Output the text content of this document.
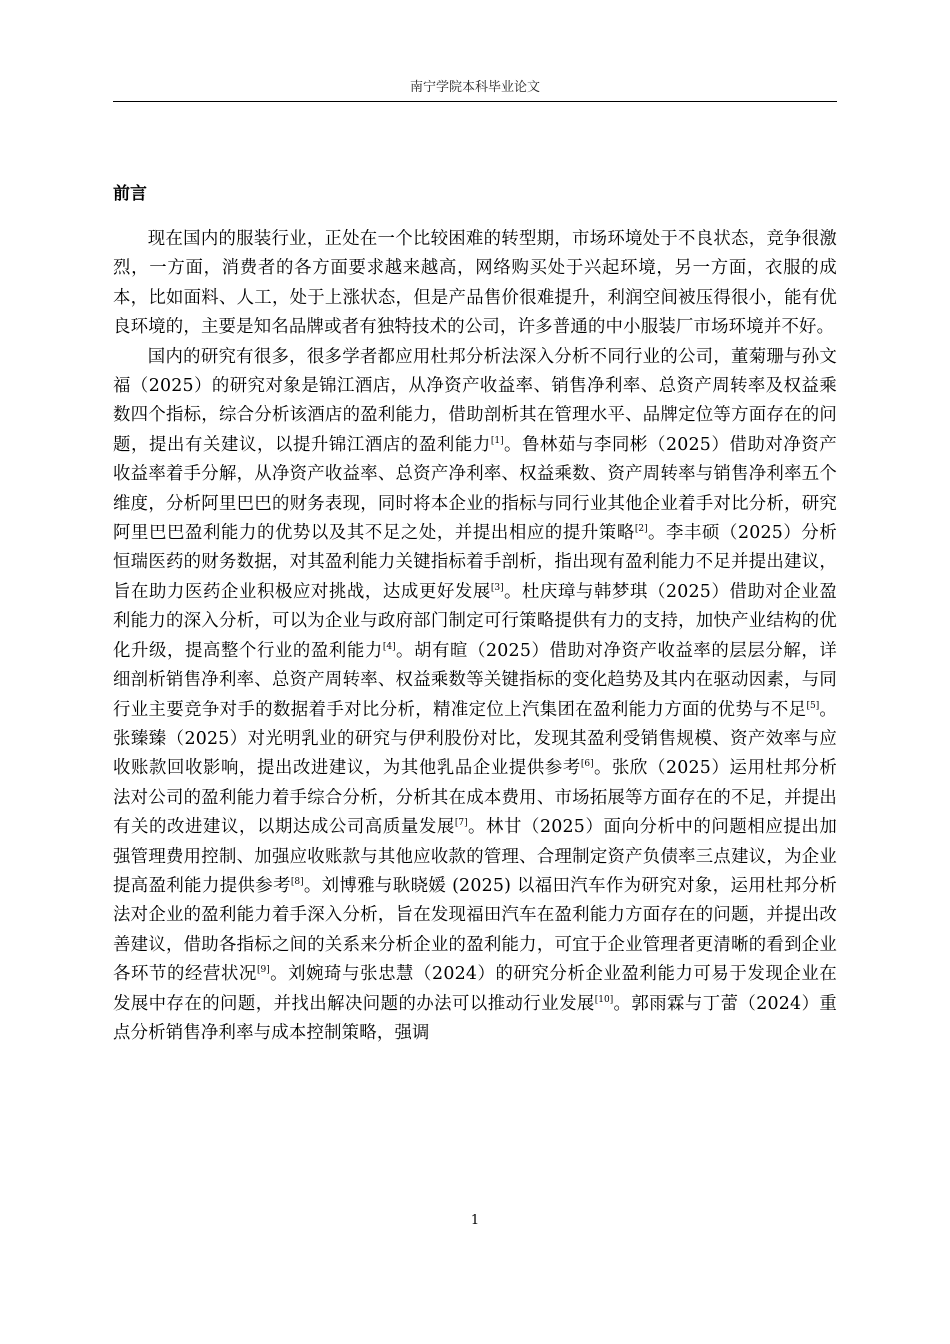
南宁学院本科毕业论文
前言

现在国内的服装行业，正处在一个比较困难的转型期，市场环境处于不良状态，竞争很激烈，一方面，消费者的各方面要求越来越高，网络购买处于兴起环境，另一方面，衣服的成本，比如面料、人工，处于上涨状态，但是产品售价很难提升，利润空间被压得很小，能有优良环境的，主要是知名品牌或者有独特技术的公司，许多普通的中小服装厂市场环境并不好。

国内的研究有很多，很多学者都应用杜邦分析法深入分析不同行业的公司，董菊珊与孙文福（2025）的研究对象是锦江酒店，从净资产收益率、销售净利率、总资产周转率及权益乘数四个指标，综合分析该酒店的盈利能力，借助剖析其在管理水平、品牌定位等方面存在的问题，提出有关建议，以提升锦江酒店的盈利能力[1]。鲁林茹与李同彬（2025）借助对净资产收益率着手分解，从净资产收益率、总资产净利率、权益乘数、资产周转率与销售净利率五个维度，分析阿里巴巴的财务表现，同时将本企业的指标与同行业其他企业着手对比分析，研究阿里巴巴盈利能力的优势以及其不足之处，并提出相应的提升策略[2]。李丰硕（2025）分析恒瑞医药的财务数据，对其盈利能力关键指标着手剖析，指出现有盈利能力不足并提出建议，旨在助力医药企业积极应对挑战，达成更好发展[3]。杜庆璋与韩梦琪（2025）借助对企业盈利能力的深入分析，可以为企业与政府部门制定可行策略提供有力的支持，加快产业结构的优化升级，提高整个行业的盈利能力[4]。胡有暄（2025）借助对净资产收益率的层层分解，详细剖析销售净利率、总资产周转率、权益乘数等关键指标的变化趋势及其内在驱动因素，与同行业主要竞争对手的数据着手对比分析，精准定位上汽集团在盈利能力方面的优势与不足[5]。张臻臻（2025）对光明乳业的研究与伊利股份对比，发现其盈利受销售规模、资产效率与应收账款回收影响，提出改进建议，为其他乳品企业提供参考[6]。张欣（2025）运用杜邦分析法对公司的盈利能力着手综合分析，分析其在成本费用、市场拓展等方面存在的不足，并提出有关的改进建议，以期达成公司高质量发展[7]。林甘（2025）面向分析中的问题相应提出加强管理费用控制、加强应收账款与其他应收款的管理、合理制定资产负债率三点建议，为企业提高盈利能力提供参考[8]。刘博雅与耿晓媛 (2025) 以福田汽车作为研究对象，运用杜邦分析法对企业的盈利能力着手深入分析，旨在发现福田汽车在盈利能力方面存在的问题，并提出改善建议，借助各指标之间的关系来分析企业的盈利能力，可宜于企业管理者更清晰的看到企业各环节的经营状况[9]。刘婉琦与张忠慧（2024）的研究分析企业盈利能力可易于发现企业在发展中存在的问题，并找出解决问题的办法可以推动行业发展[10]。郭雨霖与丁蕾（2024）重点分析销售净利率与成本控制策略，强调

1
